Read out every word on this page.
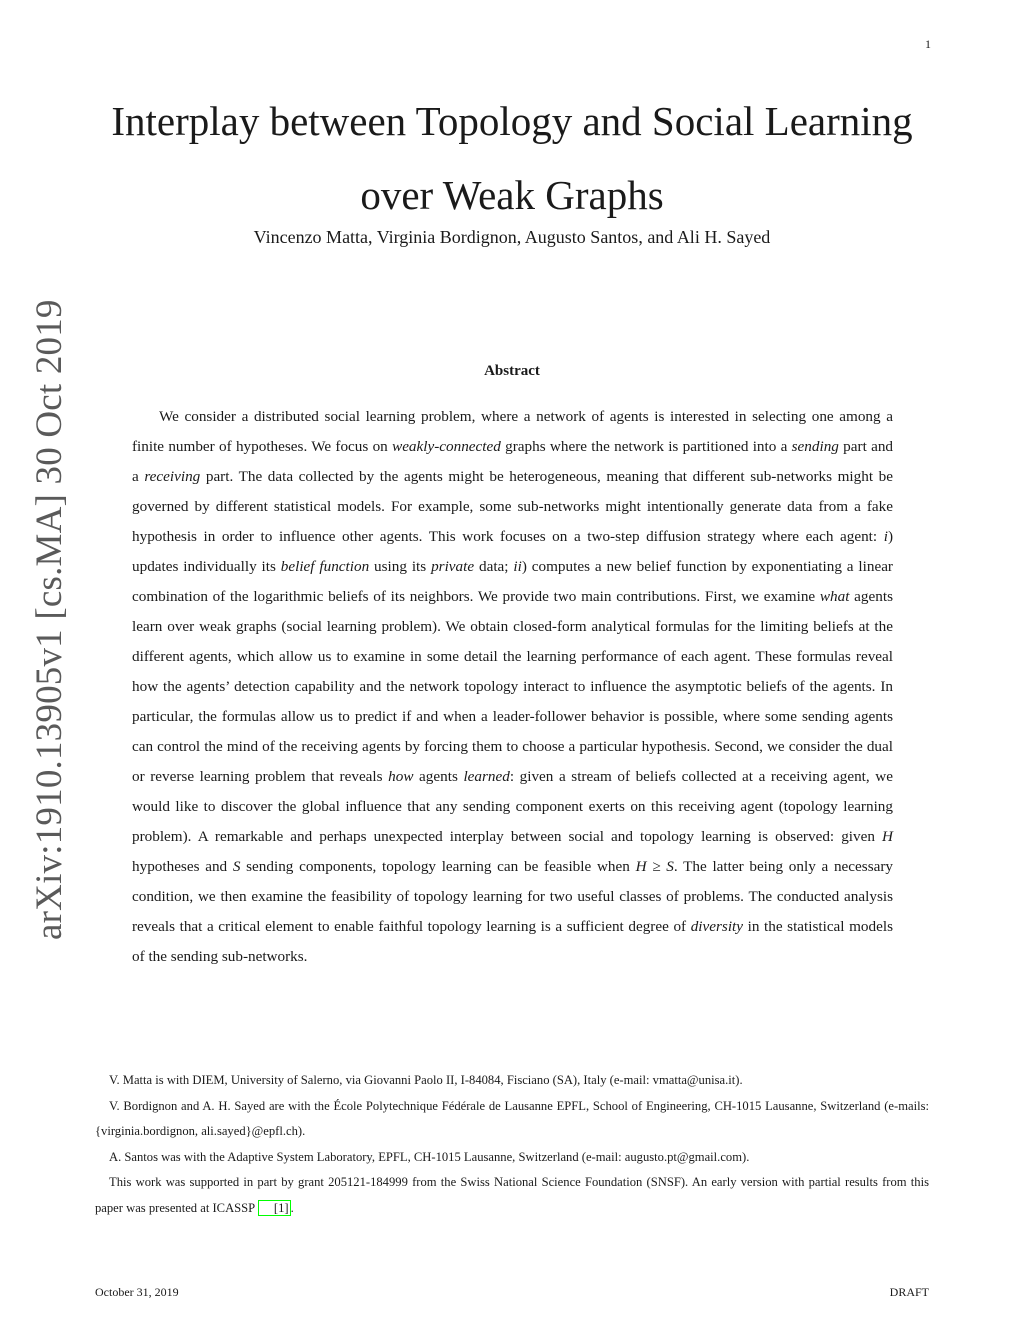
1
Interplay between Topology and Social Learning
over Weak Graphs
Vincenzo Matta, Virginia Bordignon, Augusto Santos, and Ali H. Sayed
arXiv:1910.13905v1 [cs.MA] 30 Oct 2019	Abstract

We consider a distributed social learning problem, where a network of agents is interested in selecting one among a finite number of hypotheses. We focus on weakly-connected graphs where the network is partitioned into a sending part and a receiving part. The data collected by the agents might be heterogeneous, meaning that different sub-networks might be governed by different statistical models. For example, some sub-networks might intentionally generate data from a fake hypothesis in order to influence other agents. This work focuses on a two-step diffusion strategy where each agent: i) updates individually its belief function using its private data; ii) computes a new belief function by exponentiating a linear combination of the logarithmic beliefs of its neighbors. We provide two main contributions. First, we examine what agents learn over weak graphs (social learning problem). We obtain closed-form analytical formulas for the limiting beliefs at the different agents, which allow us to examine in some detail the learning performance of each agent. These formulas reveal how the agents’ detection capability and the network topology interact to influence the asymptotic beliefs of the agents. In particular, the formulas allow us to predict if and when a leader-follower behavior is possible, where some sending agents can control the mind of the receiving agents by forcing them to choose a particular hypothesis. Second, we consider the dual or reverse learning problem that reveals how agents learned: given a stream of beliefs collected at a receiving agent, we would like to discover the global influence that any sending component exerts on this receiving agent (topology learning problem). A remarkable and perhaps unexpected interplay between social and topology learning is observed: given H hypotheses and S sending components, topology learning can be feasible when H ≥ S. The latter being only a necessary condition, we then examine the feasibility of topology learning for two useful classes of problems. The conducted analysis reveals that a critical element to enable faithful topology learning is a sufficient degree of diversity in the statistical models of the sending sub-networks.

V. Matta is with DIEM, University of Salerno, via Giovanni Paolo II, I-84084, Fisciano (SA), Italy (e-mail: vmatta@unisa.it).

V. Bordignon and A. H. Sayed are with the École Polytechnique Fédérale de Lausanne EPFL, School of Engineering, CH-1015 Lausanne, Switzerland (e-mails: {virginia.bordignon, ali.sayed}@epfl.ch).

A. Santos was with the Adaptive System Laboratory, EPFL, CH-1015 Lausanne, Switzerland (e-mail: augusto.pt@gmail.com).

This work was supported in part by grant 205121-184999 from the Swiss National Science Foundation (SNSF). An early version with partial results from this paper was presented at ICASSP [1] .

October 31, 2019	DRAFT
